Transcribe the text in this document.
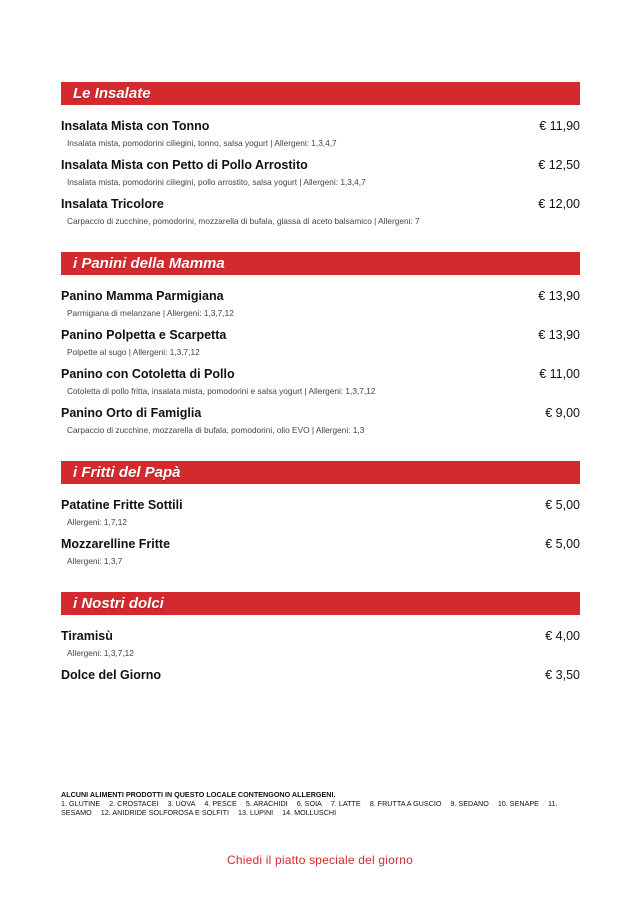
Le Insalate
Insalata Mista con Tonno	€ 11,90
Insalata mista, pomodorini ciliegini, tonno, salsa yogurt | Allergeni: 1,3,4,7
Insalata Mista con Petto di Pollo Arrostito	€ 12,50
Insalata mista, pomodorini ciliegini, pollo arrostito, salsa yogurt | Allergeni: 1,3,4,7
Insalata Tricolore	€ 12,00
Carpaccio di zucchine, pomodorini, mozzarella di bufala, glassa di aceto balsamico | Allergeni: 7
i Panini della Mamma
Panino Mamma Parmigiana	€ 13,90
Parmigiana di melanzane | Allergeni: 1,3,7,12
Panino Polpetta e Scarpetta	€ 13,90
Polpette al sugo | Allergeni: 1,3,7,12
Panino con Cotoletta di Pollo	€ 11,00
Cotoletta di pollo fritta, insalata mista, pomodorini e salsa yogurt | Allergeni: 1,3,7,12
Panino Orto di Famiglia	€ 9,00
Carpaccio di zucchine, mozzarella di bufala, pomodorini, olio EVO | Allergeni: 1,3
i Fritti del Papà
Patatine Fritte Sottili	€ 5,00
Allergeni: 1,7,12
Mozzarelline Fritte	€ 5,00
Allergeni: 1,3,7
i Nostri dolci
Tiramisù	€ 4,00
Allergeni: 1,3,7,12
Dolce del Giorno	€ 3,50
ALCUNI ALIMENTI PRODOTTI IN QUESTO LOCALE CONTENGONO ALLERGENI.
1. GLUTINE 2. CROSTACEI 3. UOVA 4. PESCE 5. ARACHIDI 6. SOIA 7. LATTE 8. FRUTTA A GUSCIO 9. SEDANO 10. SENAPE 11. SESAMO 12. ANIDRIDE SOLFOROSA E SOLFITI 13. LUPINI 14. MOLLUSCHI
Chiedi il piatto speciale del giorno
